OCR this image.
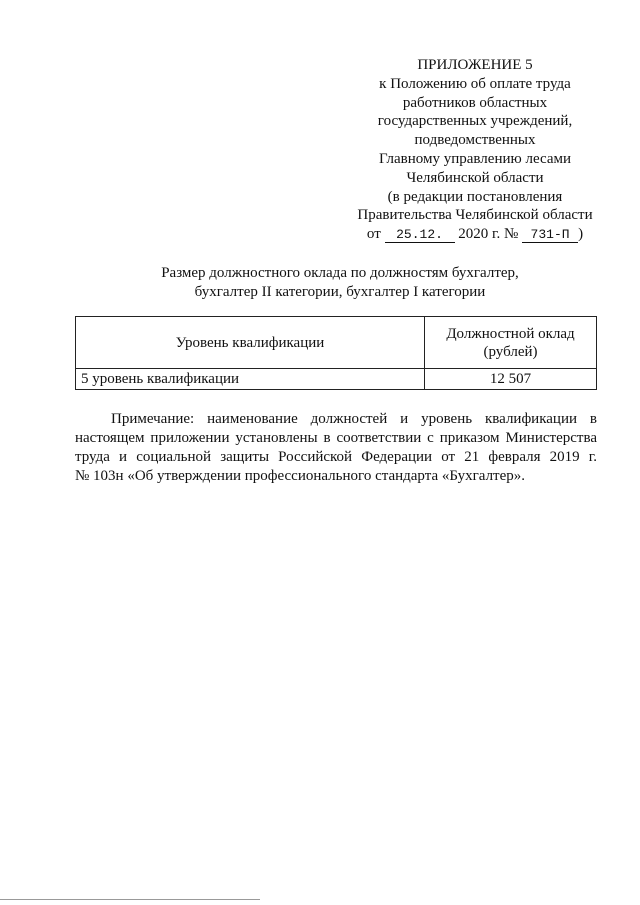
ПРИЛОЖЕНИЕ 5
к Положению об оплате труда
работников областных
государственных учреждений,
подведомственных
Главному управлению лесами
Челябинской области
(в редакции постановления
Правительства Челябинской области
от 25.12. 2020 г. № 731-П )
Размер должностного оклада по должностям бухгалтер,
бухгалтер II категории, бухгалтер I категории
Уровень квалификации	Должностной оклад
(рублей)

5 уровень квалификации	12 507
Примечание: наименование должностей и уровень квалификации в
настоящем приложении установлены в соответствии с приказом Министерства
труда и социальной защиты Российской Федерации от 21 февраля 2019 г.
№ 103н «Об утверждении профессионального стандарта «Бухгалтер».
